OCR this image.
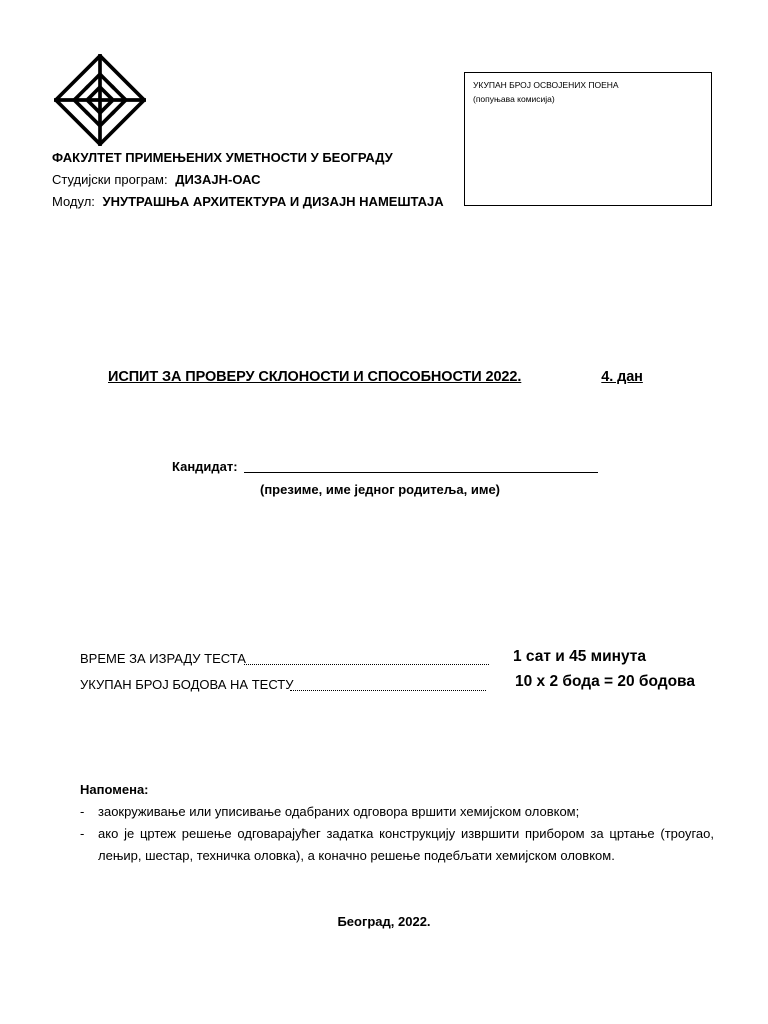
ФАКУЛТЕТ ПРИМЕЊЕНИХ УМЕТНОСТИ У БЕОГРАДУ
Студијски програм: ДИЗАЈН-ОАС
Модул: УНУТРАШЊА АРХИТЕКТУРА И ДИЗАЈН НАМЕШТАЈА
УКУПАН БРОЈ ОСВОЈЕНИХ ПОЕНА
(попуњава комисија)
ИСПИТ ЗА ПРОВЕРУ СКЛОНОСТИ И СПОСОБНОСТИ 2022.	4. дан
Кандидат:
(презиме, име једног родитеља, име)
ВРЕМЕ ЗА ИЗРАДУ ТЕСТА	1 сат и 45 минута
УКУПАН БРОЈ БОДОВА НА ТЕСТУ	10 х 2 бода = 20 бодова
Напомена:
- заокруживање или уписивање одабраних одговора вршити хемијском оловком;
- ако је цртеж решење одговарајућег задатка конструкцију извршити прибором за цртање (троугао, лењир, шестар, техничка оловка), а коначно решење подебљати хемијском оловком.
Београд, 2022.
